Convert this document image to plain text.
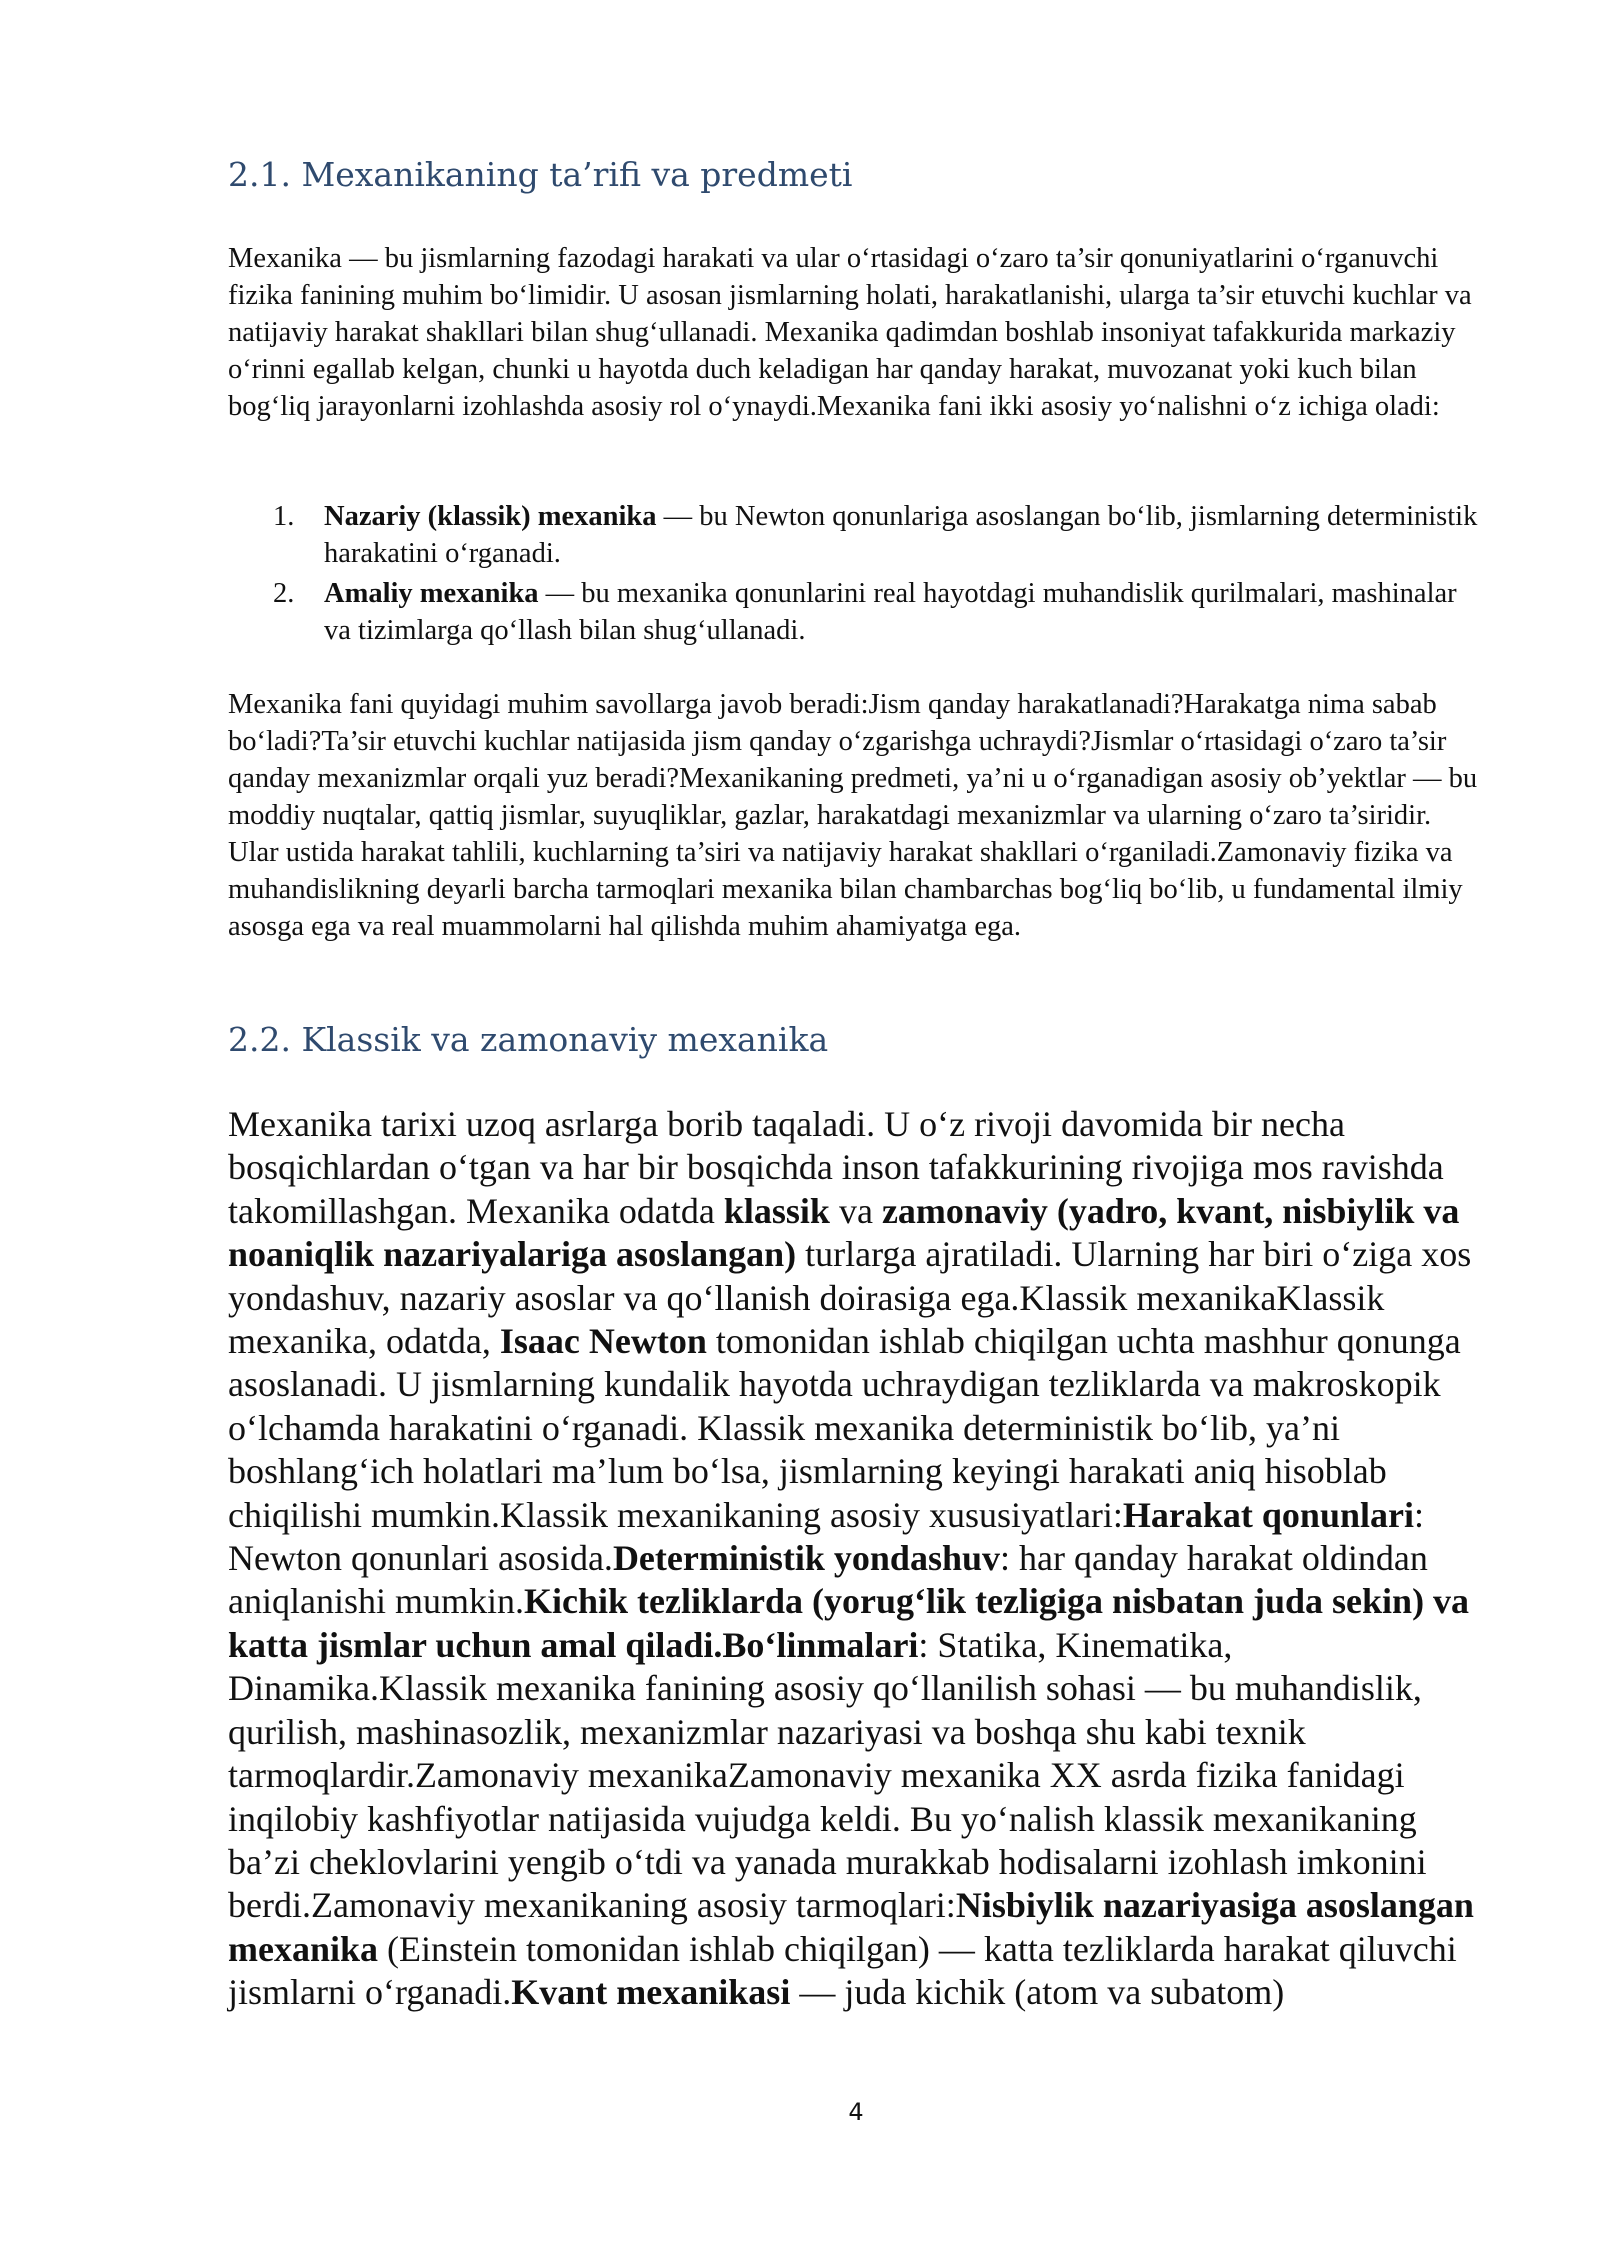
2.1. Mexanikaning ta’rifi va predmeti

Mexanika — bu jismlarning fazodagi harakati va ular o‘rtasidagi o‘zaro ta’sir qonuniyatlarini o‘rganuvchi fizika fanining muhim bo‘limidir. U asosan jismlarning holati, harakatlanishi, ularga ta’sir etuvchi kuchlar va natijaviy harakat shakllari bilan shug‘ullanadi. Mexanika qadimdan boshlab insoniyat tafakkurida markaziy o‘rinni egallab kelgan, chunki u hayotda duch keladigan har qanday harakat, muvozanat yoki kuch bilan bog‘liq jarayonlarni izohlashda asosiy rol o‘ynaydi.Mexanika fani ikki asosiy yo‘nalishni o‘z ichiga oladi:

1. Nazariy (klassik) mexanika — bu Newton qonunlariga asoslangan bo‘lib, jismlarning deterministik harakatini o‘rganadi.
2. Amaliy mexanika — bu mexanika qonunlarini real hayotdagi muhandislik qurilmalari, mashinalar va tizimlarga qo‘llash bilan shug‘ullanadi.

Mexanika fani quyidagi muhim savollarga javob beradi:Jism qanday harakatlanadi?Harakatga nima sabab bo‘ladi?Ta’sir etuvchi kuchlar natijasida jism qanday o‘zgarishga uchraydi?Jismlar o‘rtasidagi o‘zaro ta’sir qanday mexanizmlar orqali yuz beradi?Mexanikaning predmeti, ya’ni u o‘rganadigan asosiy ob’yektlar — bu moddiy nuqtalar, qattiq jismlar, suyuqliklar, gazlar, harakatdagi mexanizmlar va ularning o‘zaro ta’siridir. Ular ustida harakat tahlili, kuchlarning ta’siri va natijaviy harakat shakllari o‘rganiladi.Zamonaviy fizika va muhandislikning deyarli barcha tarmoqlari mexanika bilan chambarchas bog‘liq bo‘lib, u fundamental ilmiy asosga ega va real muammolarni hal qilishda muhim ahamiyatga ega.

2.2. Klassik va zamonaviy mexanika

Mexanika tarixi uzoq asrlarga borib taqaladi. U o‘z rivoji davomida bir necha bosqichlardan o‘tgan va har bir bosqichda inson tafakkurining rivojiga mos ravishda takomillashgan. Mexanika odatda klassik va zamonaviy (yadro, kvant, nisbiylik va noaniqlik nazariyalariga asoslangan) turlarga ajratiladi. Ularning har biri o‘ziga xos yondashuv, nazariy asoslar va qo‘llanish doirasiga ega.Klassik mexanikaKlassik mexanika, odatda, Isaac Newton tomonidan ishlab chiqilgan uchta mashhur qonunga asoslanadi. U jismlarning kundalik hayotda uchraydigan tezliklarda va makroskopik o‘lchamda harakatini o‘rganadi. Klassik mexanika deterministik bo‘lib, ya’ni boshlang‘ich holatlari ma’lum bo‘lsa, jismlarning keyingi harakati aniq hisoblab chiqilishi mumkin.Klassik mexanikaning asosiy xususiyatlari:Harakat qonunlari: Newton qonunlari asosida.Deterministik yondashuv: har qanday harakat oldindan aniqlanishi mumkin.Kichik tezliklarda (yorug‘lik tezligiga nisbatan juda sekin) va katta jismlar uchun amal qiladi.Bo‘linmalari: Statika, Kinematika, Dinamika.Klassik mexanika fanining asosiy qo‘llanilish sohasi — bu muhandislik, qurilish, mashinasozlik, mexanizmlar nazariyasi va boshqa shu kabi texnik tarmoqlardir.Zamonaviy mexanikaZamonaviy mexanika XX asrda fizika fanidagi inqilobiy kashfiyotlar natijasida vujudga keldi. Bu yo‘nalish klassik mexanikaning ba’zi cheklovlarini yengib o‘tdi va yanada murakkab hodisalarni izohlash imkonini berdi.Zamonaviy mexanikaning asosiy tarmoqlari:Nisbiylik nazariyasiga asoslangan mexanika (Einstein tomonidan ishlab chiqilgan) — katta tezliklarda harakat qiluvchi jismlarni o‘rganadi.Kvant mexanikasi — juda kichik (atom va subatom)

4
